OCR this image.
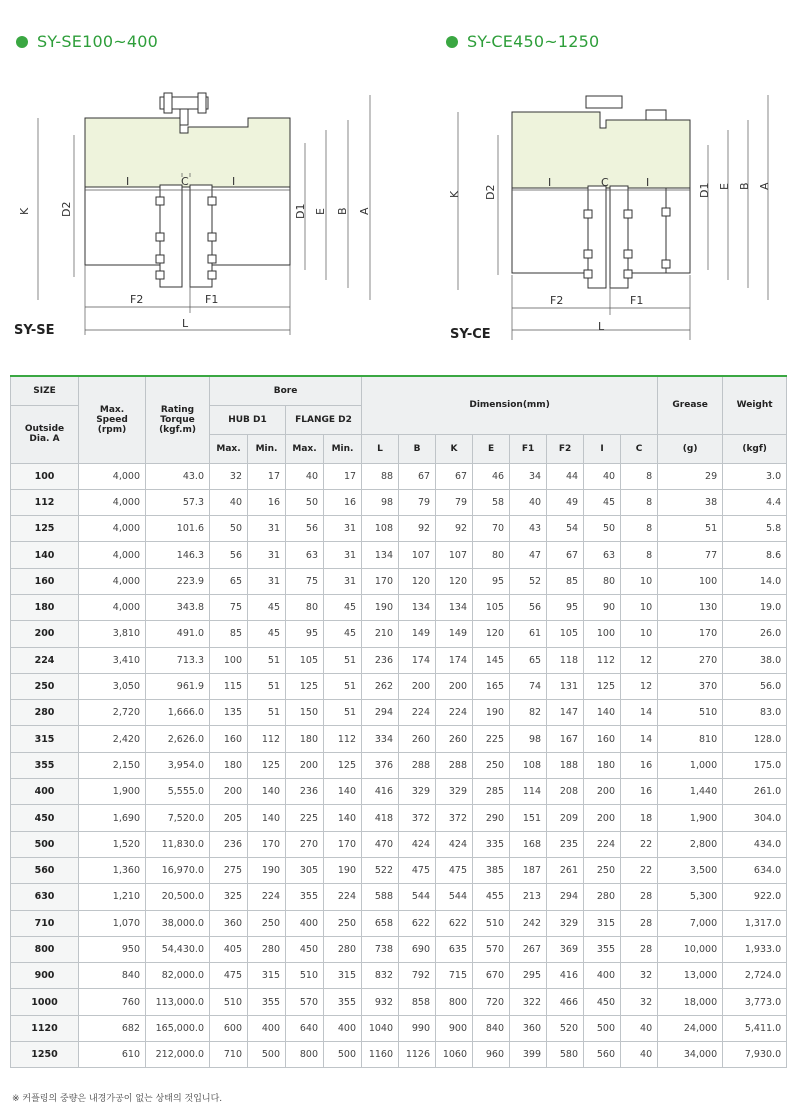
SY-SE100~400	SY-CE450~1250
K	D2
I	C	I
D1 E B A
F2	F1
L
SY-SE
K D2
I	C	I
D1 E B A
F2	F1
L
SY-CE
SIZE	Max. Speed (rpm)	Rating Torque (kgf.m)	Bore				Dimension(mm)								Grease	Weight
Outside Dia. A			HUB D1		FLANGE D2											
			Max.	Min.	Max.	Min.	L	B	K	E	F1	F2	I	C	(g)	(kgf)
100	4,000	43.0	32	17	40	17	88	67	67	46	34	44	40	8	29	3.0
112	4,000	57.3	40	16	50	16	98	79	79	58	40	49	45	8	38	4.4
125	4,000	101.6	50	31	56	31	108	92	92	70	43	54	50	8	51	5.8
140	4,000	146.3	56	31	63	31	134	107	107	80	47	67	63	8	77	8.6
160	4,000	223.9	65	31	75	31	170	120	120	95	52	85	80	10	100	14.0
180	4,000	343.8	75	45	80	45	190	134	134	105	56	95	90	10	130	19.0
200	3,810	491.0	85	45	95	45	210	149	149	120	61	105	100	10	170	26.0
224	3,410	713.3	100	51	105	51	236	174	174	145	65	118	112	12	270	38.0
250	3,050	961.9	115	51	125	51	262	200	200	165	74	131	125	12	370	56.0
280	2,720	1,666.0	135	51	150	51	294	224	224	190	82	147	140	14	510	83.0
315	2,420	2,626.0	160	112	180	112	334	260	260	225	98	167	160	14	810	128.0
355	2,150	3,954.0	180	125	200	125	376	288	288	250	108	188	180	16	1,000	175.0
400	1,900	5,555.0	200	140	236	140	416	329	329	285	114	208	200	16	1,440	261.0
450	1,690	7,520.0	205	140	225	140	418	372	372	290	151	209	200	18	1,900	304.0
500	1,520	11,830.0	236	170	270	170	470	424	424	335	168	235	224	22	2,800	434.0
560	1,360	16,970.0	275	190	305	190	522	475	475	385	187	261	250	22	3,500	634.0
630	1,210	20,500.0	325	224	355	224	588	544	544	455	213	294	280	28	5,300	922.0
710	1,070	38,000.0	360	250	400	250	658	622	622	510	242	329	315	28	7,000	1,317.0
800	950	54,430.0	405	280	450	280	738	690	635	570	267	369	355	28	10,000	1,933.0
900	840	82,000.0	475	315	510	315	832	792	715	670	295	416	400	32	13,000	2,724.0
1000	760	113,000.0	510	355	570	355	932	858	800	720	322	466	450	32	18,000	3,773.0
1120	682	165,000.0	600	400	640	400	1040	990	900	840	360	520	500	40	24,000	5,411.0
1250	610	212,000.0	710	500	800	500	1160	1126	1060	960	399	580	560	40	34,000	7,930.0
※ 커플링의 중량은 내경가공이 없는 상태의 것입니다.
